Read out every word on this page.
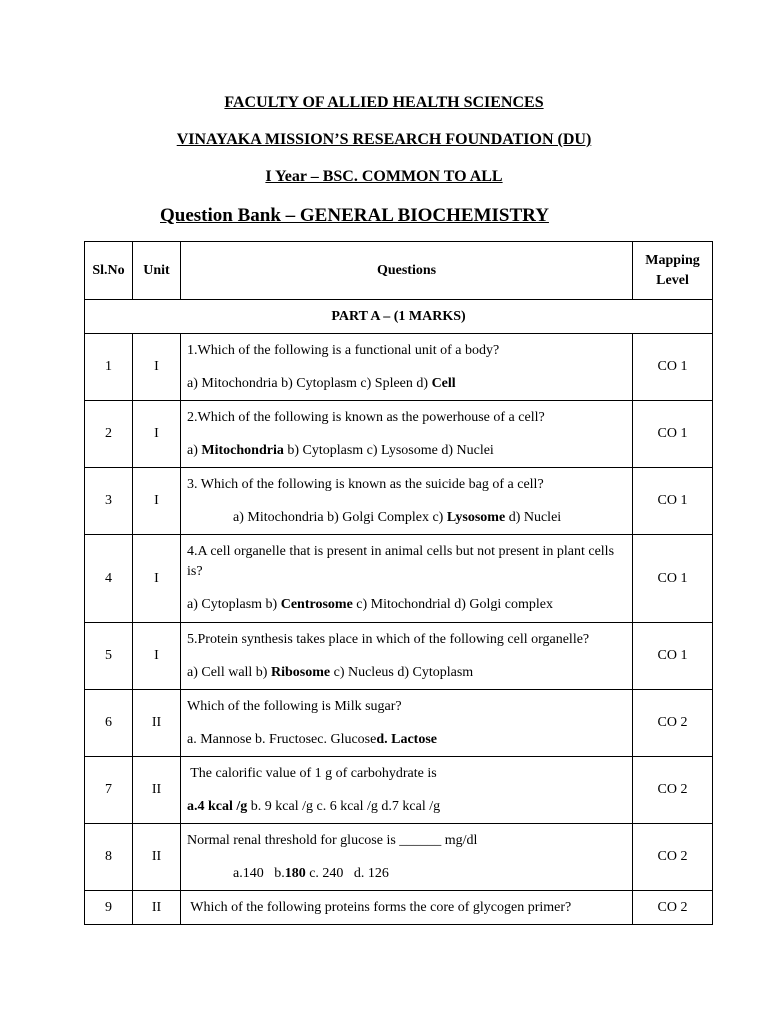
FACULTY OF ALLIED HEALTH SCIENCES
VINAYAKA MISSION’S RESEARCH FOUNDATION (DU)
I Year – BSC. COMMON TO ALL
Question Bank – GENERAL BIOCHEMISTRY
Sl.No	Unit	Questions	Mapping
Level
PART A – (1 MARKS)			
1	I	1.Which of the following is a functional unit of a body?

a) Mitochondria b) Cytoplasm c) Spleen d) Cell	CO 1
2	I	2.Which of the following is known as the powerhouse of a cell?

a) Mitochondria b) Cytoplasm c) Lysosome d) Nuclei	CO 1
3	I	3. Which of the following is known as the suicide bag of a cell?

a) Mitochondria b) Golgi Complex c) Lysosome d) Nuclei	CO 1
4	I	4.A cell organelle that is present in animal cells but not present in plant cells is?

a) Cytoplasm b) Centrosome c) Mitochondrial d) Golgi complex	CO 1
5	I	5.Protein synthesis takes place in which of the following cell organelle?

a) Cell wall b) Ribosome c) Nucleus d) Cytoplasm	CO 1
6	II	Which of the following is Milk sugar?

a. Mannose b. Fructosec. Glucosed. Lactose	CO 2
7	II	The calorific value of 1 g of carbohydrate is

a.4 kcal /g b. 9 kcal /g c. 6 kcal /g d.7 kcal /g	CO 2
8	II	Normal renal threshold for glucose is ______ mg/dl

a.140   b.180 c. 240   d. 126	CO 2
9	II	Which of the following proteins forms the core of glycogen primer?	CO 2
